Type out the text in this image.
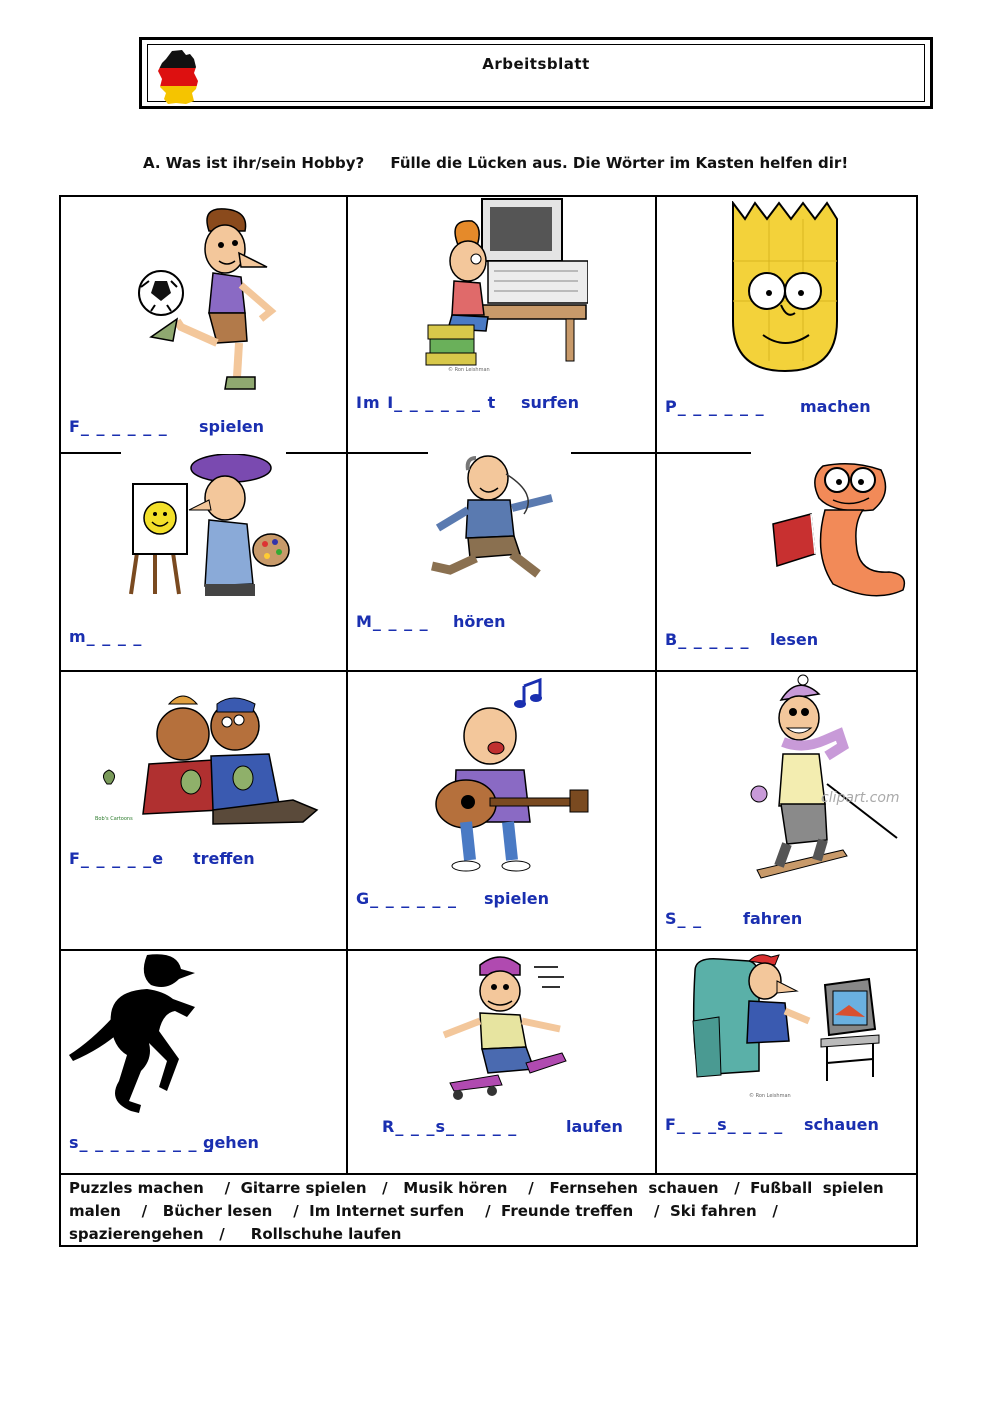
Arbeitsblatt
A. Was ist ihr/sein Hobby?     Fülle die Lücken aus. Die Wörter im Kasten helfen dir!
F_ _ _ _ _ _ spielen
© Ron Leishman
Im I_ _ _ _ _ _ t surfen	P_ _ _ _ _ _ machen
m_ _ _ _
M_ _ _ _ hören
B_ _ _ _ _ lesen
Bob's Cartoons
F_ _ _ _ _e treffen
G_ _ _ _ _ _ spielen
clipart.com
S_ _	fahren
s_ _ _ _ _ _ _ _ _
gehen
R_ _ _s_ _ _ _ _	laufen
© Ron Leishman
F_ _ _s_ _ _ _ schauen
Puzzles machen    /  Gitarre spielen   /   Musik hören    /   Fernsehen  schauen   /  Fußball  spielen
malen    /   Bücher lesen    /  Im Internet surfen    /  Freunde treffen    /  Ski fahren   /
spazierengehen   /     Rollschuhe laufen
